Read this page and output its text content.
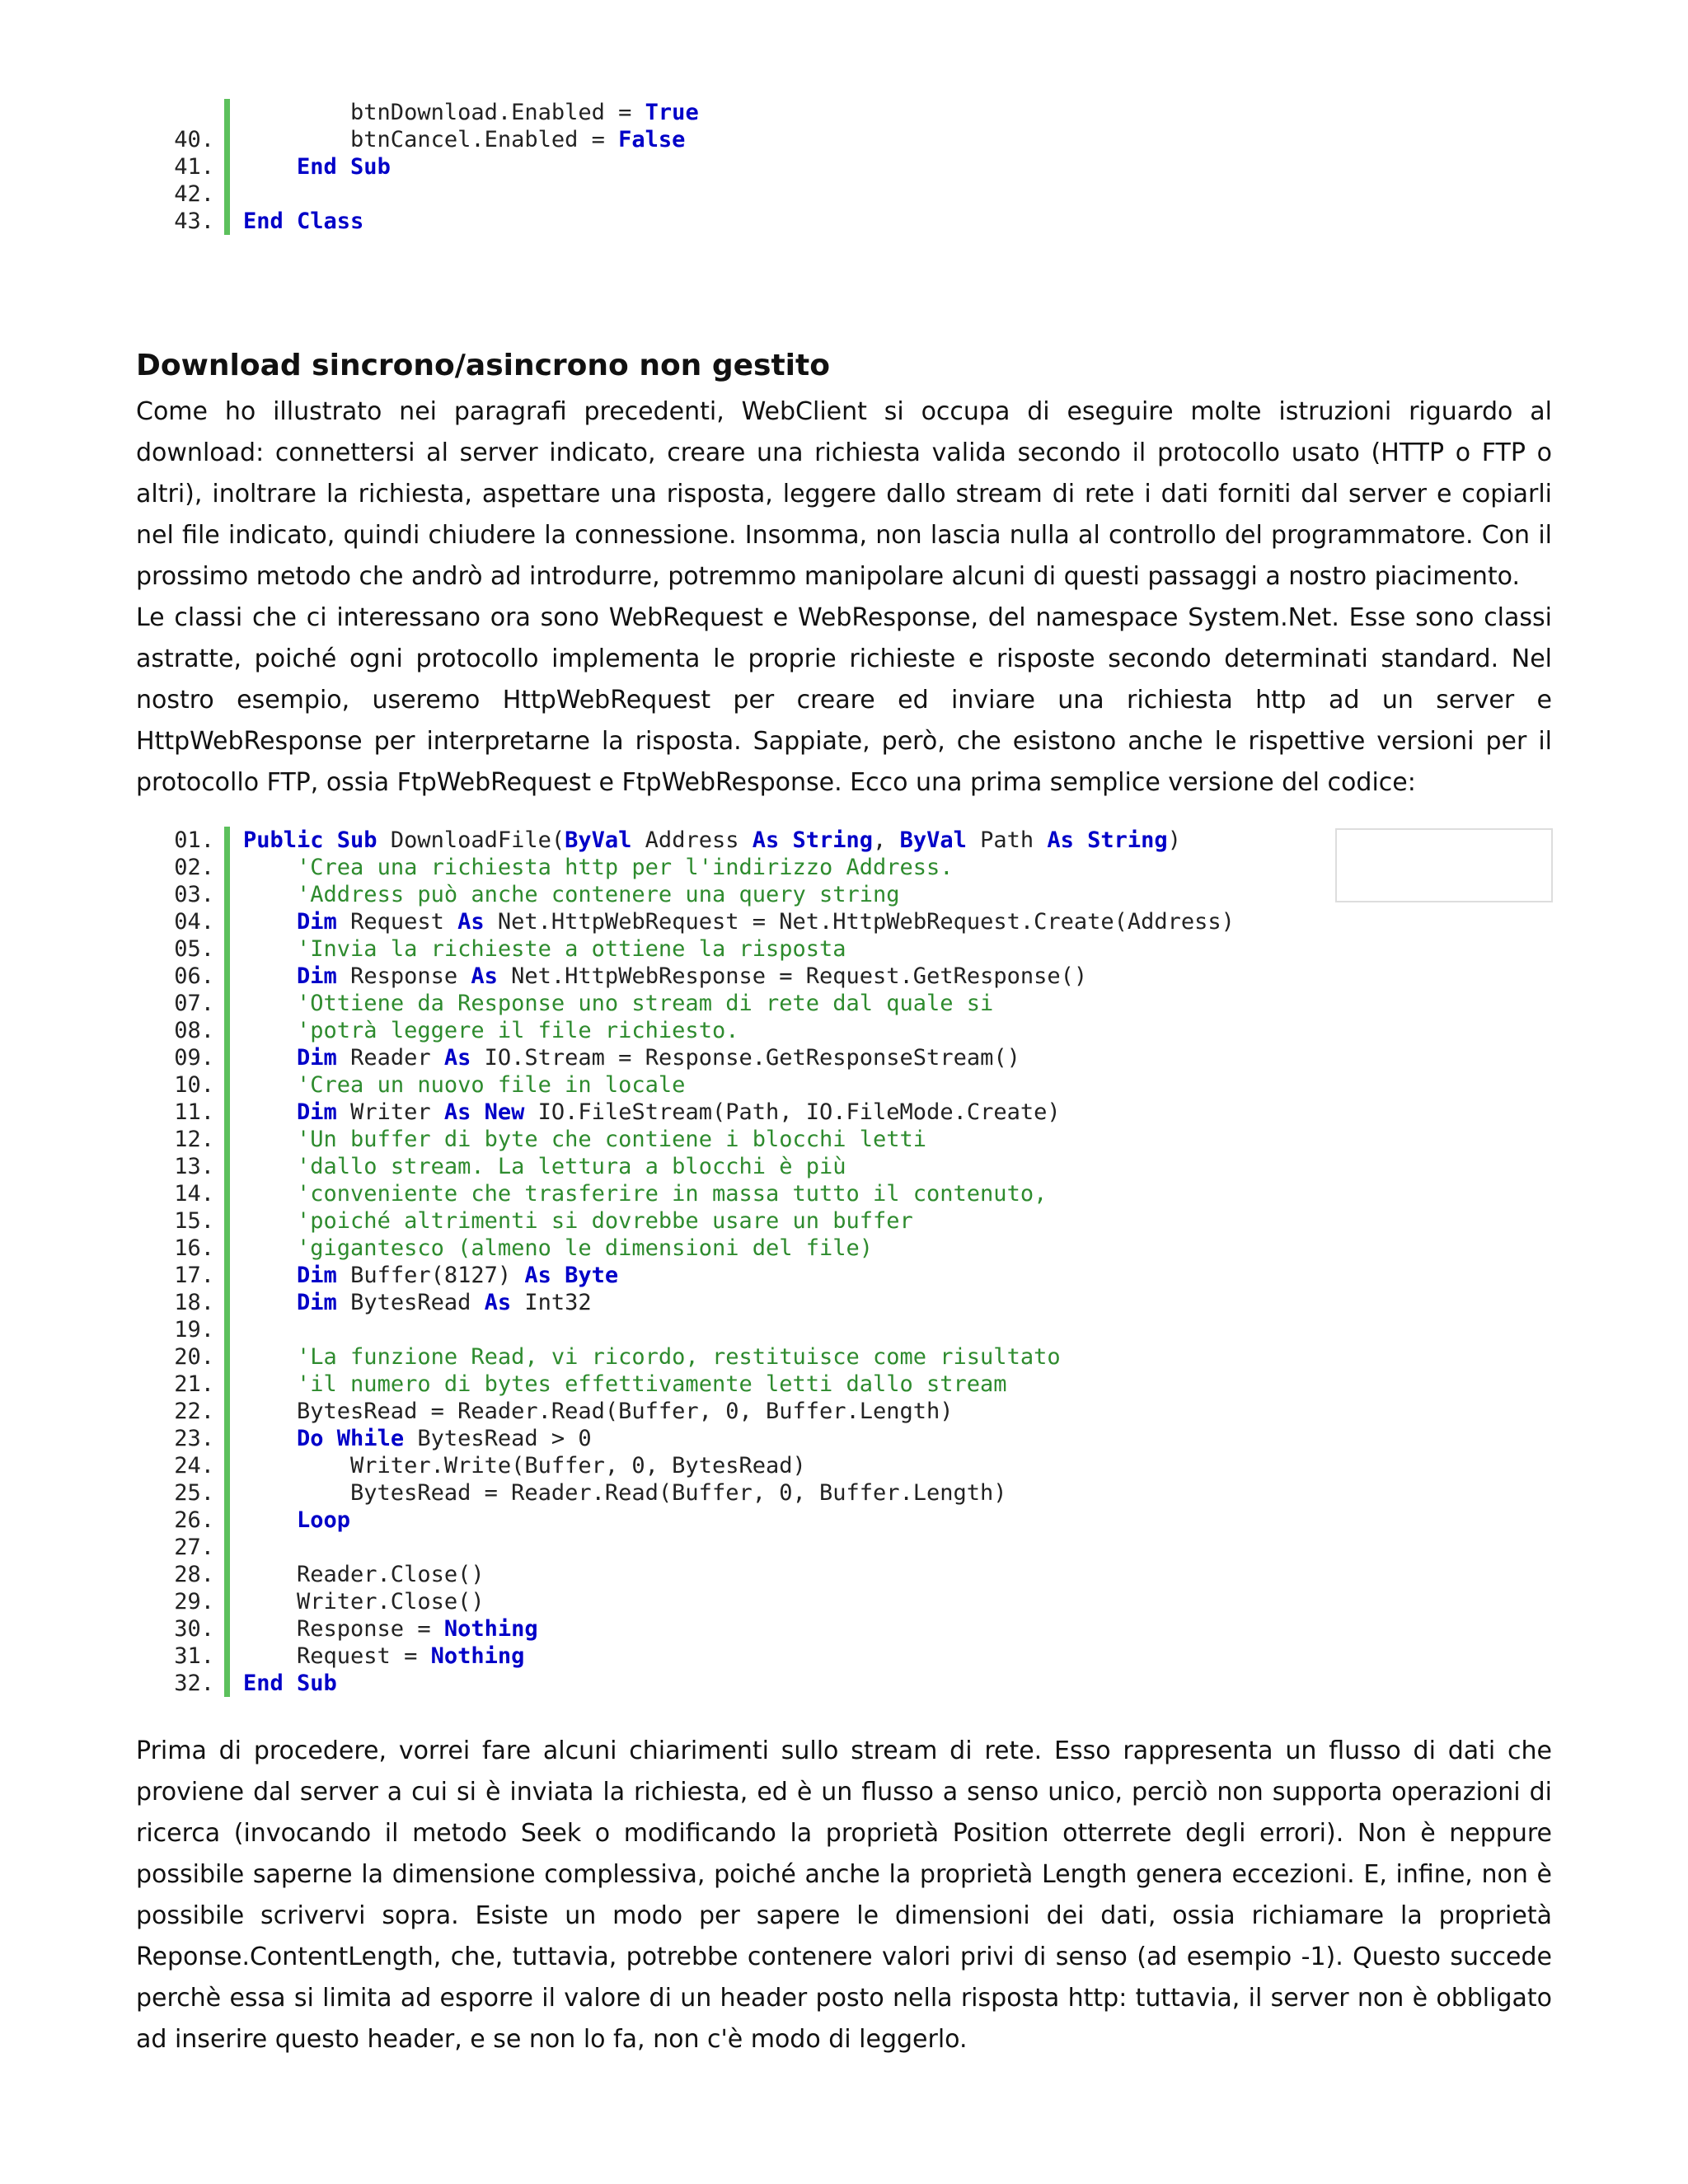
btnDownload.Enabled = True
40.	btnCancel.Enabled = False
41.	End Sub
42.
43.	End Class
Download sincrono/asincrono non gestito

Come ho illustrato nei paragrafi precedenti, WebClient si occupa di eseguire molte istruzioni riguardo al download: connettersi al server indicato, creare una richiesta valida secondo il protocollo usato (HTTP o FTP o altri), inoltrare la richiesta, aspettare una risposta, leggere dallo stream di rete i dati forniti dal server e copiarli nel file indicato, quindi chiudere la connessione. Insomma, non lascia nulla al controllo del programmatore. Con il prossimo metodo che andrò ad introdurre, potremmo manipolare alcuni di questi passaggi a nostro piacimento.

Le classi che ci interessano ora sono WebRequest e WebResponse, del namespace System.Net. Esse sono classi astratte, poiché ogni protocollo implementa le proprie richieste e risposte secondo determinati standard. Nel nostro esempio, useremo HttpWebRequest per creare ed inviare una richiesta http ad un server e HttpWebResponse per interpretarne la risposta. Sappiate, però, che esistono anche le rispettive versioni per il protocollo FTP, ossia FtpWebRequest e FtpWebResponse. Ecco una prima semplice versione del codice:

01.	Public Sub DownloadFile(ByVal Address As String, ByVal Path As String)
02.	'Crea una richiesta http per l'indirizzo Address.
03.	'Address può anche contenere una query string
04.	Dim Request As Net.HttpWebRequest = Net.HttpWebRequest.Create(Address)
05.	'Invia la richieste a ottiene la risposta
06.	Dim Response As Net.HttpWebResponse = Request.GetResponse()
07.	'Ottiene da Response uno stream di rete dal quale si
08.	'potrà leggere il file richiesto.
09.	Dim Reader As IO.Stream = Response.GetResponseStream()
10.	'Crea un nuovo file in locale
11.	Dim Writer As New IO.FileStream(Path, IO.FileMode.Create)
12.	'Un buffer di byte che contiene i blocchi letti
13.	'dallo stream. La lettura a blocchi è più
14.	'conveniente che trasferire in massa tutto il contenuto,
15.	'poiché altrimenti si dovrebbe usare un buffer
16.	'gigantesco (almeno le dimensioni del file)
17.	Dim Buffer(8127) As Byte
18.	Dim BytesRead As Int32
19.
20.	'La funzione Read, vi ricordo, restituisce come risultato
21.	'il numero di bytes effettivamente letti dallo stream
22.	BytesRead = Reader.Read(Buffer, 0, Buffer.Length)
23.	Do While BytesRead > 0
24.	Writer.Write(Buffer, 0, BytesRead)
25.	BytesRead = Reader.Read(Buffer, 0, Buffer.Length)
26.	Loop
27.
28.	Reader.Close()
29.	Writer.Close()
30.	Response = Nothing
31.	Request = Nothing
32.	End Sub

Prima di procedere, vorrei fare alcuni chiarimenti sullo stream di rete. Esso rappresenta un flusso di dati che proviene dal server a cui si è inviata la richiesta, ed è un flusso a senso unico, perciò non supporta operazioni di ricerca (invocando il metodo Seek o modificando la proprietà Position otterrete degli errori). Non è neppure possibile saperne la dimensione complessiva, poiché anche la proprietà Length genera eccezioni. E, infine, non è possibile scrivervi sopra. Esiste un modo per sapere le dimensioni dei dati, ossia richiamare la proprietà Reponse.ContentLength, che, tuttavia, potrebbe contenere valori privi di senso (ad esempio -1). Questo succede perchè essa si limita ad esporre il valore di un header posto nella risposta http: tuttavia, il server non è obbligato ad inserire questo header, e se non lo fa, non c'è modo di leggerlo.
